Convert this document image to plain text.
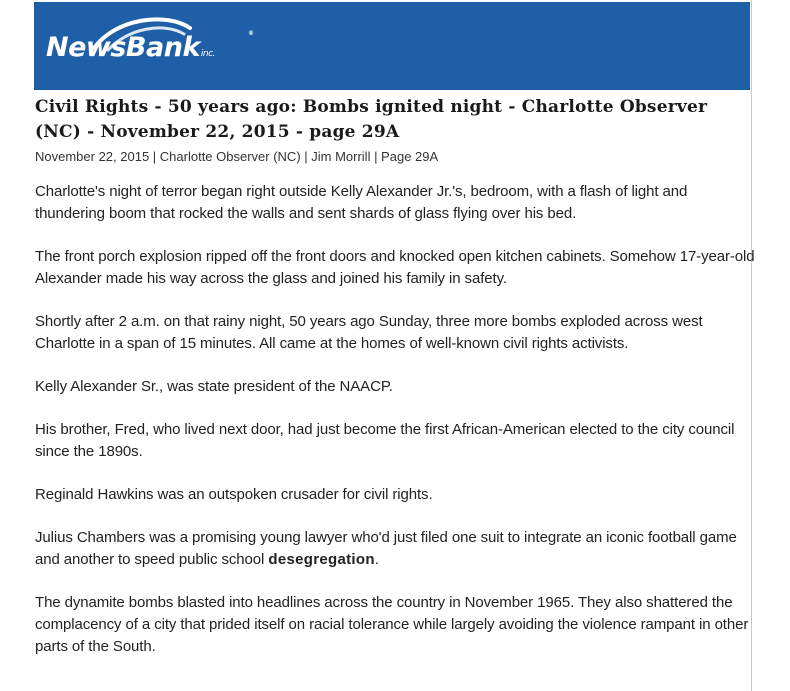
NewsBankinc.
®
Civil Rights - 50 years ago: Bombs ignited night - Charlotte Observer (NC) - November 22, 2015 - page 29A
November 22, 2015 | Charlotte Observer (NC) | Jim Morrill | Page 29A

Charlotte's night of terror began right outside Kelly Alexander Jr.'s, bedroom, with a flash of light and thundering boom that rocked the walls and sent shards of glass flying over his bed.

The front porch explosion ripped off the front doors and knocked open kitchen cabinets. Somehow 17-year-old Alexander made his way across the glass and joined his family in safety.

Shortly after 2 a.m. on that rainy night, 50 years ago Sunday, three more bombs exploded across west Charlotte in a span of 15 minutes. All came at the homes of well-known civil rights activists.

Kelly Alexander Sr., was state president of the NAACP.

His brother, Fred, who lived next door, had just become the first African-American elected to the city council since the 1890s.

Reginald Hawkins was an outspoken crusader for civil rights.

Julius Chambers was a promising young lawyer who'd just filed one suit to integrate an iconic football game and another to speed public school desegregation.

The dynamite bombs blasted into headlines across the country in November 1965. They also shattered the complacency of a city that prided itself on racial tolerance while largely avoiding the violence rampant in other parts of the South.
